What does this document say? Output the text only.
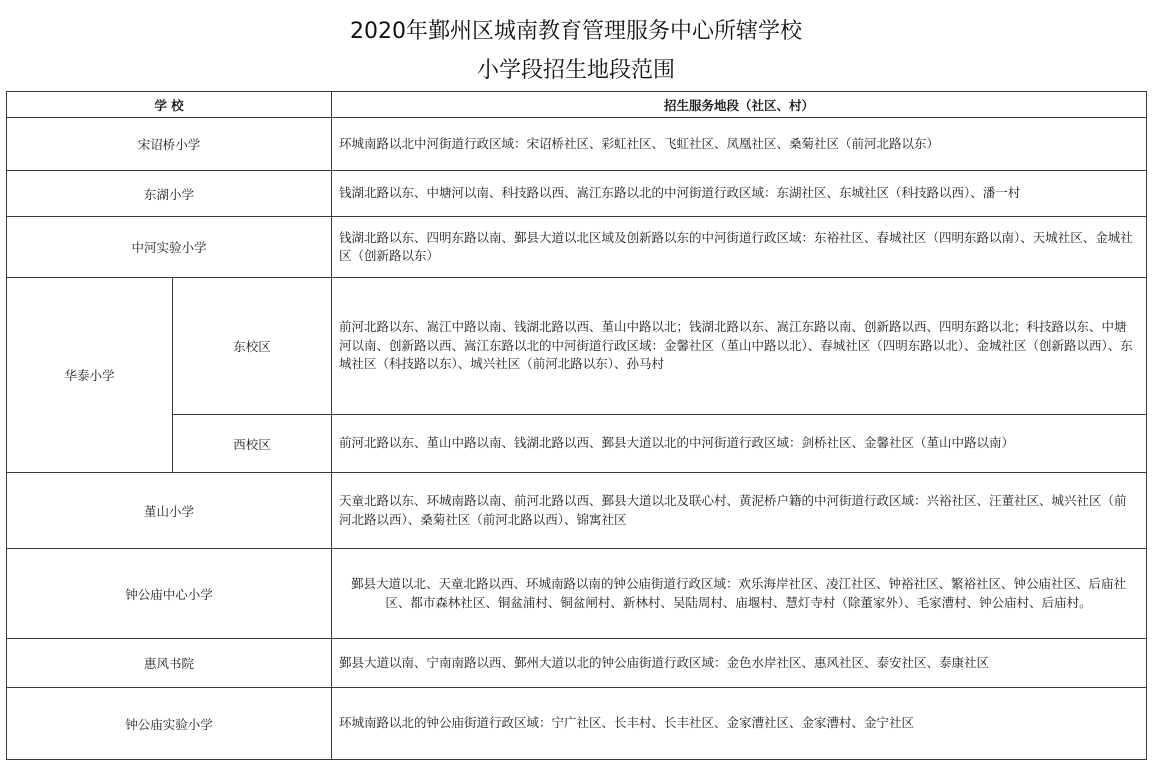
2020年鄞州区城南教育管理服务中心所辖学校
小学段招生地段范围
学 校		招生服务地段（社区、村）
宋诏桥小学		环城南路以北中河街道行政区域：宋诏桥社区、彩虹社区、飞虹社区、凤凰社区、桑菊社区（前河北路以东）
东湖小学		钱湖北路以东、中塘河以南、科技路以西、嵩江东路以北的中河街道行政区域：东湖社区、东城社区（科技路以西）、潘一村
中河实验小学		钱湖北路以东、四明东路以南、鄞县大道以北区域及创新路以东的中河街道行政区域：东裕社区、春城社区（四明东路以南）、天城社区、金城社区（创新路以东）
华泰小学	东校区	前河北路以东、嵩江中路以南、钱湖北路以西、堇山中路以北；钱湖北路以东、嵩江东路以南、创新路以西、四明东路以北；科技路以东、中塘河以南、创新路以西、嵩江东路以北的中河街道行政区域：金馨社区（堇山中路以北）、春城社区（四明东路以北）、金城社区（创新路以西）、东城社区（科技路以东）、城兴社区（前河北路以东）、孙马村
	西校区	前河北路以东、堇山中路以南、钱湖北路以西、鄞县大道以北的中河街道行政区域：剑桥社区、金馨社区（堇山中路以南）
堇山小学		天童北路以东、环城南路以南、前河北路以西、鄞县大道以北及联心村、黄泥桥户籍的中河街道行政区域：兴裕社区、汪董社区、城兴社区（前河北路以西）、桑菊社区（前河北路以西）、锦寓社区
钟公庙中心小学		鄞县大道以北、天童北路以西、环城南路以南的钟公庙街道行政区域：欢乐海岸社区、凌江社区、钟裕社区、繁裕社区、钟公庙社区、后庙社区、都市森林社区、铜盆浦村、铜盆闸村、新林村、吴陆周村、庙堰村、慧灯寺村（除董家外）、毛家漕村、钟公庙村、后庙村。
惠风书院		鄞县大道以南、宁南南路以西、鄞州大道以北的钟公庙街道行政区域：金色水岸社区、惠风社区、泰安社区、泰康社区
钟公庙实验小学		环城南路以北的钟公庙街道行政区域：宁广社区、长丰村、长丰社区、金家漕社区、金家漕村、金宁社区
